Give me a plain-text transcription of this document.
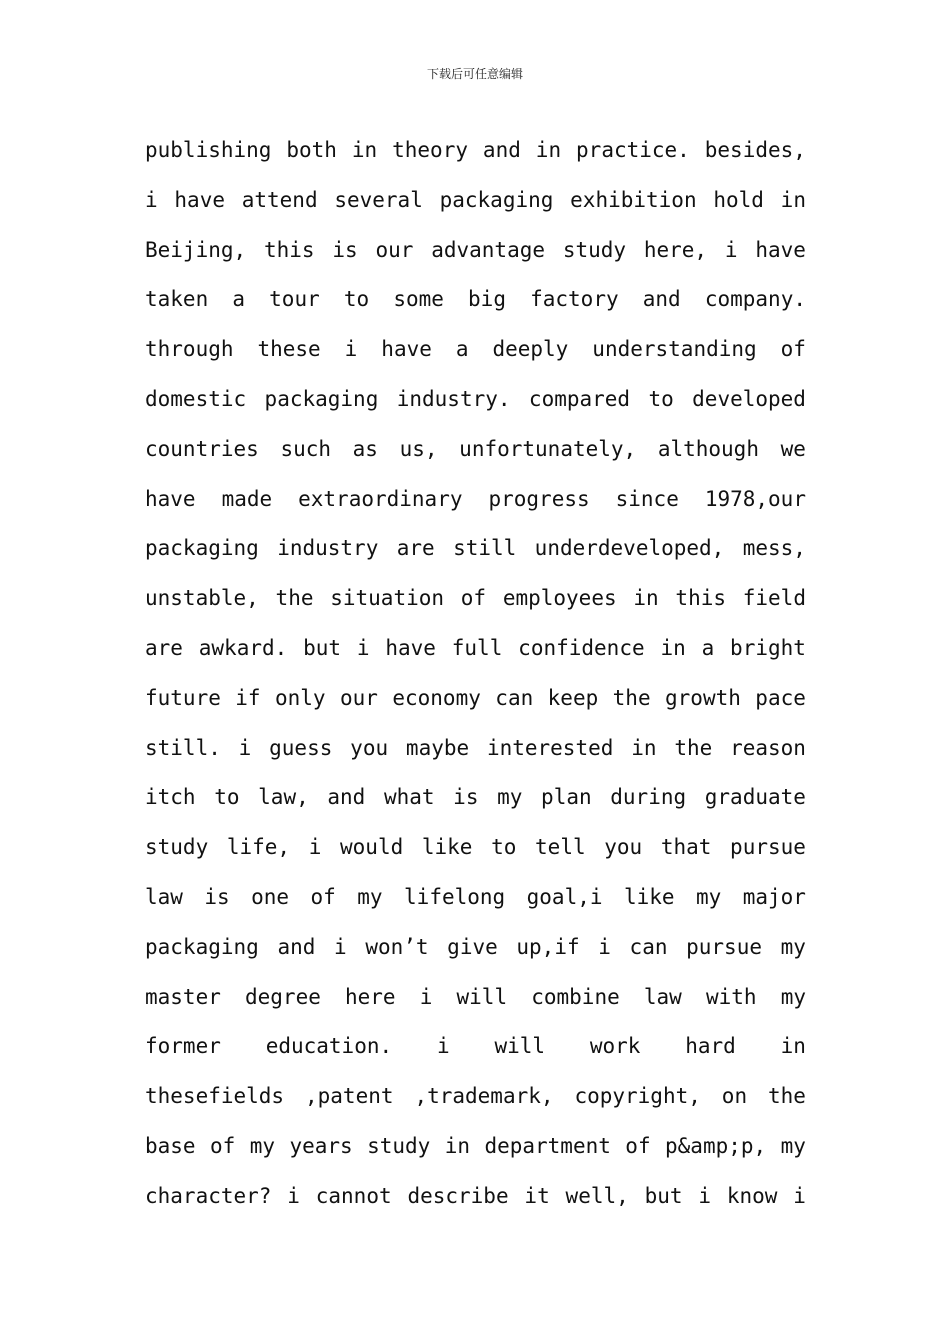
下载后可任意编辑
publishing both in theory and in practice. besides,
i have attend several packaging exhibition hold in
Beijing, this is our advantage study here, i have
taken a tour to some big factory and company.
through these i have a deeply understanding of
domestic packaging industry. compared to developed
countries such as us, unfortunately, although we
have made extraordinary progress since 1978,our
packaging industry are still underdeveloped, mess,
unstable, the situation of employees in this field
are awkard. but i have full confidence in a bright
future if only our economy can keep the growth pace
still. i guess you maybe interested in the reason
itch to law, and what is my plan during graduate
study life, i would like to tell you that pursue
law is one of my lifelong goal,i like my major
packaging and i won’t give up,if i can pursue my
master degree here i will combine law with my
former education. i will work hard in
thesefields ,patent ,trademark, copyright, on the
base of my years study in department of p&amp;p, my
character? i cannot describe it well, but i know i
